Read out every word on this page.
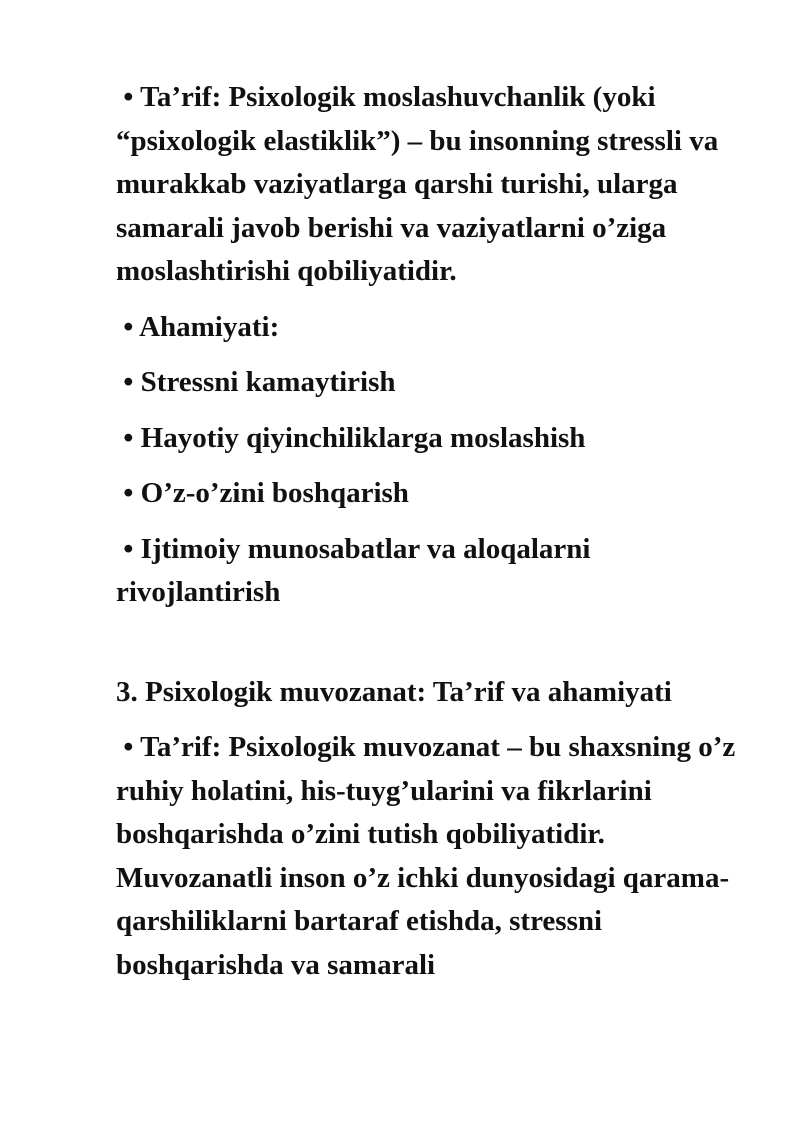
• Ta’rif: Psixologik moslashuvchanlik (yoki “psixologik elastiklik”) – bu insonning stressli va murakkab vaziyatlarga qarshi turishi, ularga samarali javob berishi va vaziyatlarni o’ziga moslashtirishi qobiliyatidir.

• Ahamiyati:

• Stressni kamaytirish

• Hayotiy qiyinchiliklarga moslashish

• O’z-o’zini boshqarish

• Ijtimoiy munosabatlar va aloqalarni rivojlantirish

3. Psixologik muvozanat: Ta’rif va ahamiyati

• Ta’rif: Psixologik muvozanat – bu shaxsning o’z ruhiy holatini, his-tuyg’ularini va fikrlarini boshqarishda o’zini tutish qobiliyatidir. Muvozanatli inson o’z ichki dunyosidagi qarama-qarshiliklarni bartaraf etishda, stressni boshqarishda va samarali
